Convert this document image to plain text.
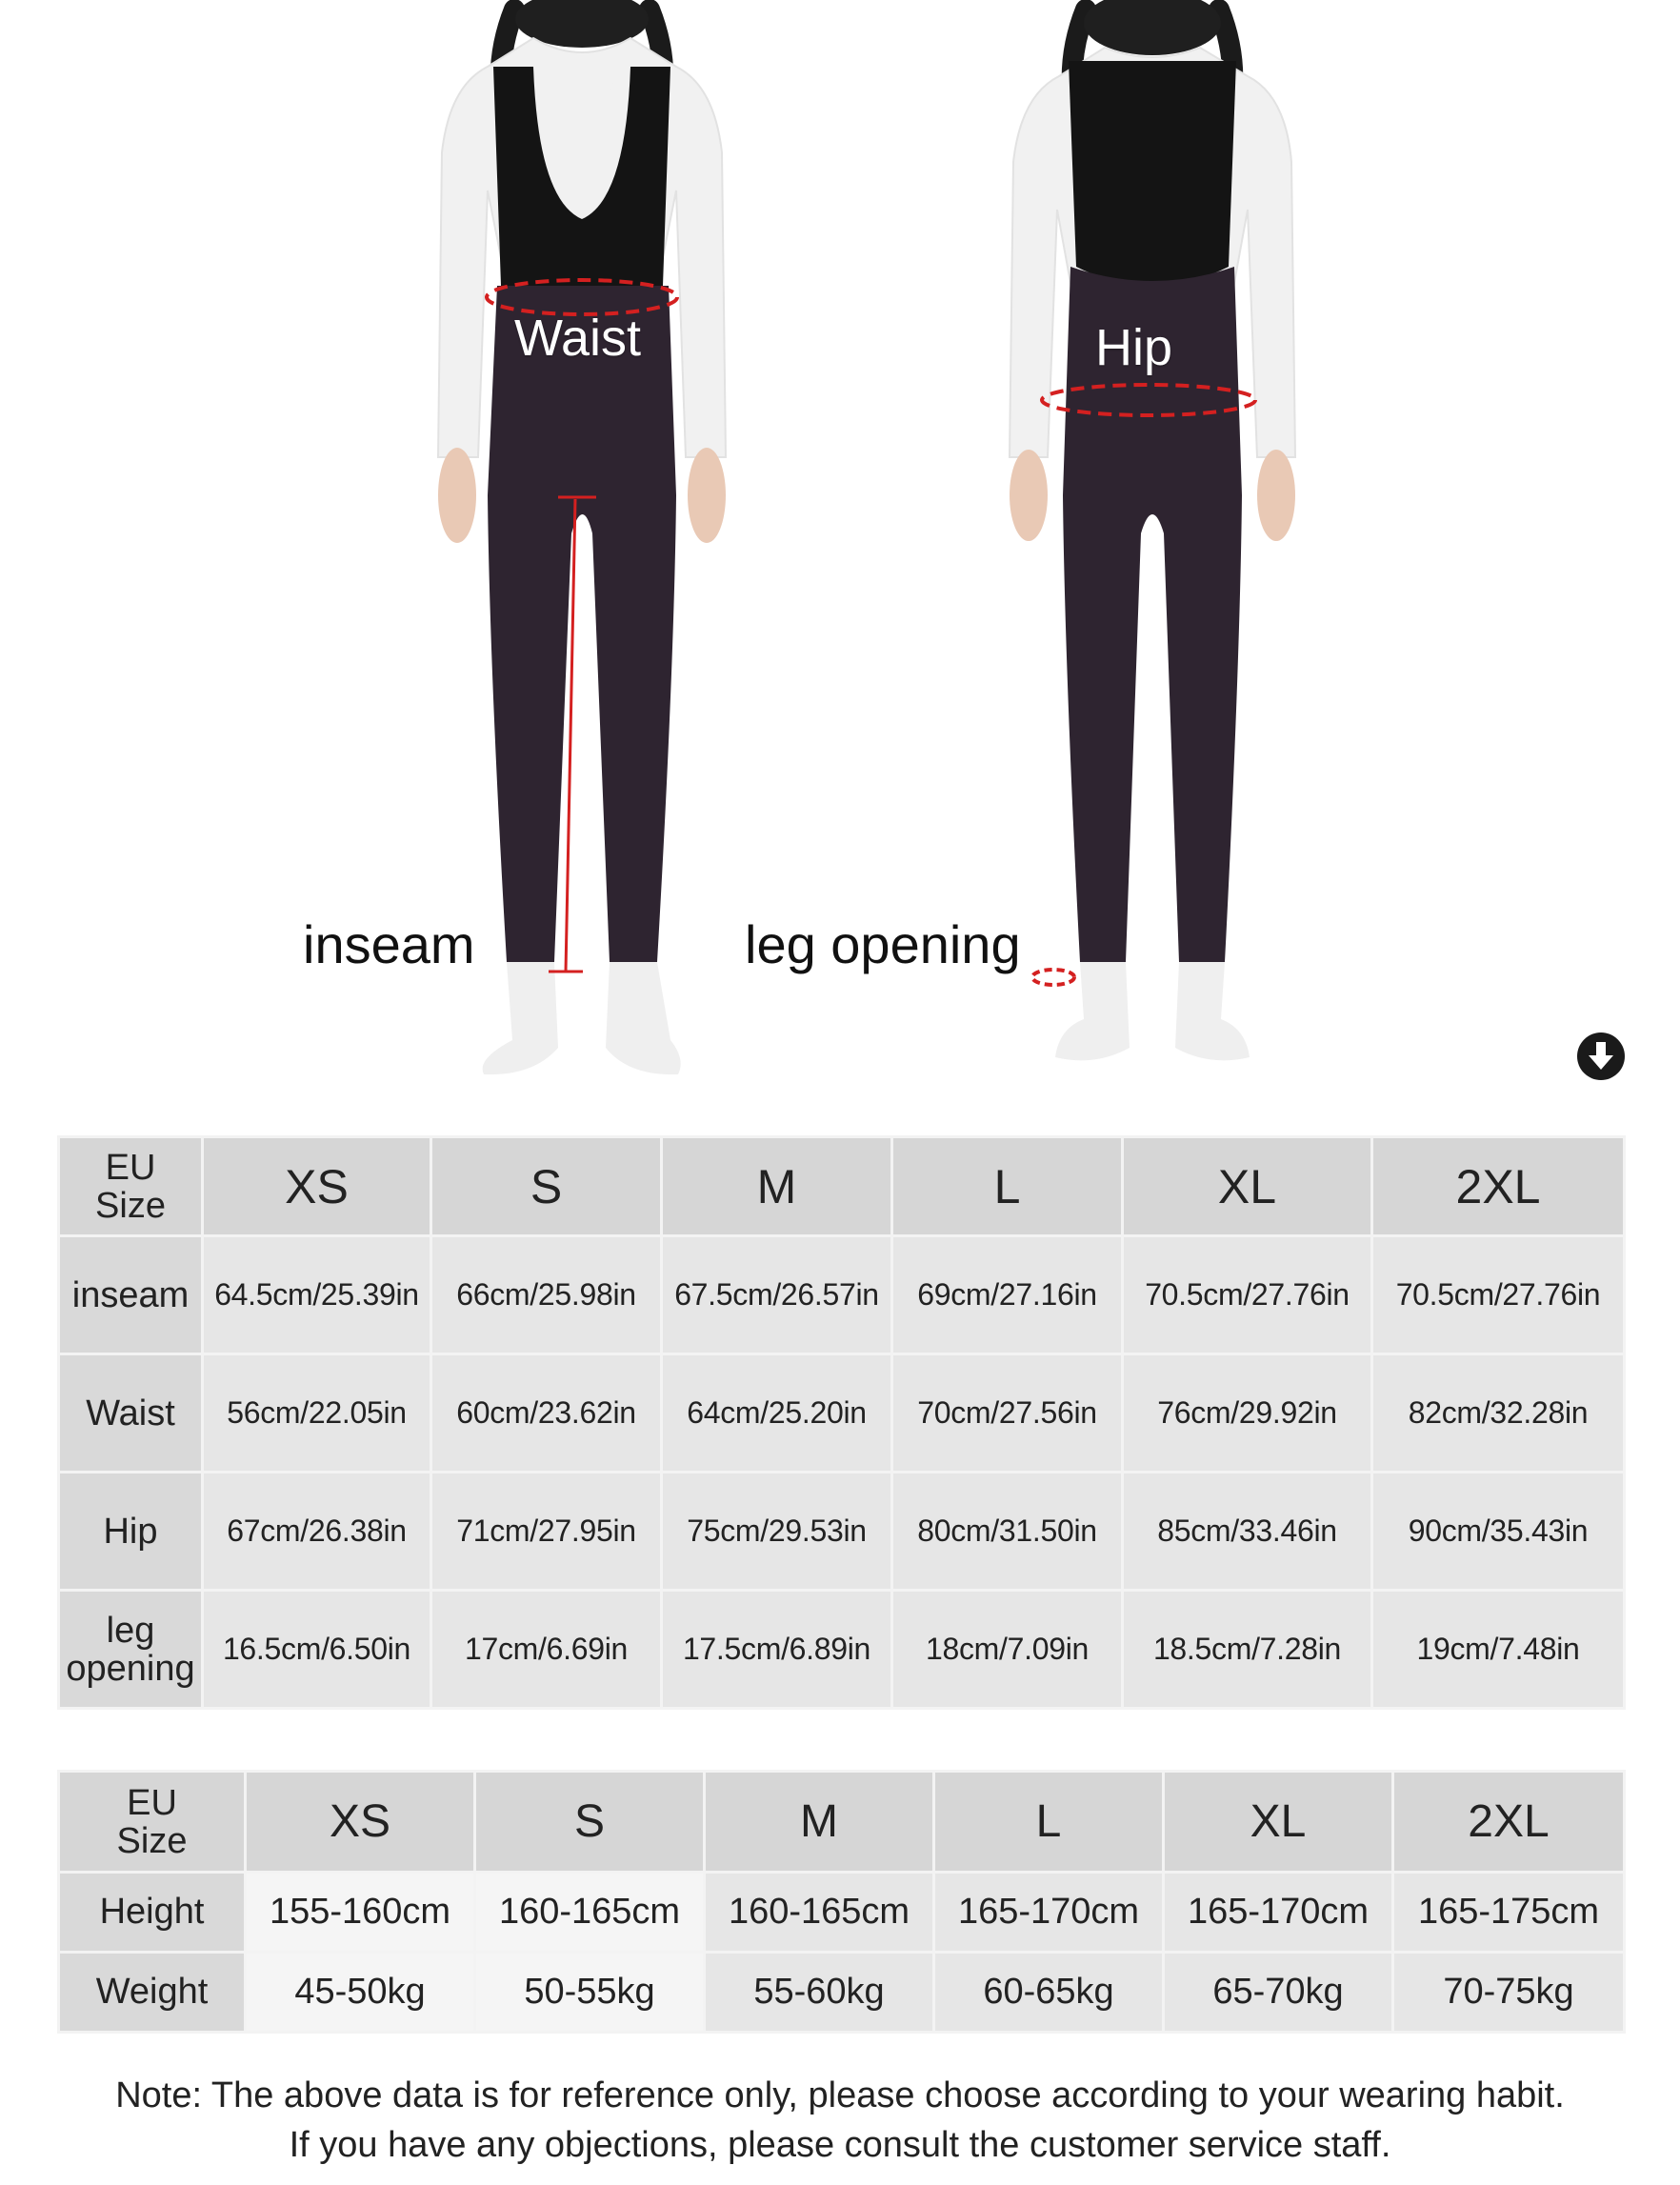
Waist	Hip
inseam	leg opening
EU
Size	XS	S	M	L	XL	2XL

inseam	64.5cm/25.39in	66cm/25.98in	67.5cm/26.57in	69cm/27.16in	70.5cm/27.76in	70.5cm/27.76in

Waist	56cm/22.05in	60cm/23.62in	64cm/25.20in	70cm/27.56in	76cm/29.92in	82cm/32.28in

Hip	67cm/26.38in	71cm/27.95in	75cm/29.53in	80cm/31.50in	85cm/33.46in	90cm/35.43in

leg
opening	16.5cm/6.50in	17cm/6.69in	17.5cm/6.89in	18cm/7.09in	18.5cm/7.28in	19cm/7.48in
EU
Size	XS	S	M	L	XL	2XL
Height	155-160cm	160-165cm	160-165cm	165-170cm	165-170cm	165-175cm
Weight	45-50kg	50-55kg	55-60kg	60-65kg	65-70kg	70-75kg
Note: The above data is for reference only, please choose according to your wearing habit.
If you have any objections, please consult the customer service staff.
